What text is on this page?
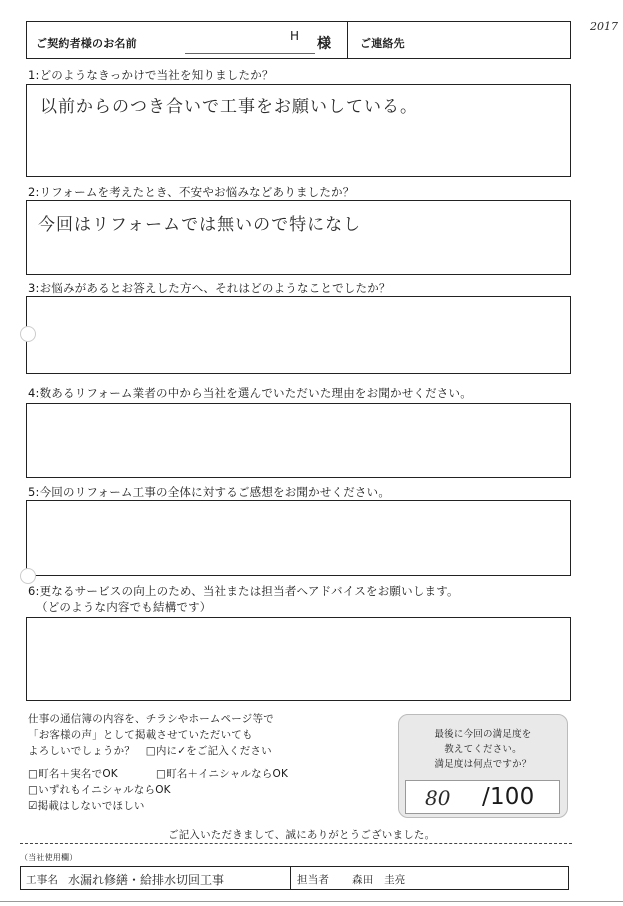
2017
ご契約者様のお名前
H 様	ご連絡先
1:どのようなきっかけで当社を知りましたか？
以前からのつき合いで工事をお願いしている。
2:リフォームを考えたとき、不安やお悩みなどありましたか？
今回はリフォームでは無いので特になし
3:お悩みがあるとお答えした方へ、それはどのようなことでしたか？
4:数あるリフォーム業者の中から当社を選んでいただいた理由をお聞かせください。
5:今回のリフォーム工事の全体に対するご感想をお聞かせください。
6:更なるサービスの向上のため、当社または担当者へアドバイスをお願いします。
（どのような内容でも結構です）
仕事の通信簿の内容を、チラシやホームページ等で
「お客様の声」として掲載させていただいても
よろしいでしょうか？　□内に✓をご記入ください
□町名＋実名でOK	□町名＋イニシャルならOK
□いずれもイニシャルならOK
☑掲載はしないでほしい
最後に今回の満足度を
教えてください。
満足度は何点ですか？
80 /100
ご記入いただきまして、誠にありがとうございました。
（当社使用欄）
工事名 水漏れ修繕・給排水切回工事	担当者 森田　圭亮
